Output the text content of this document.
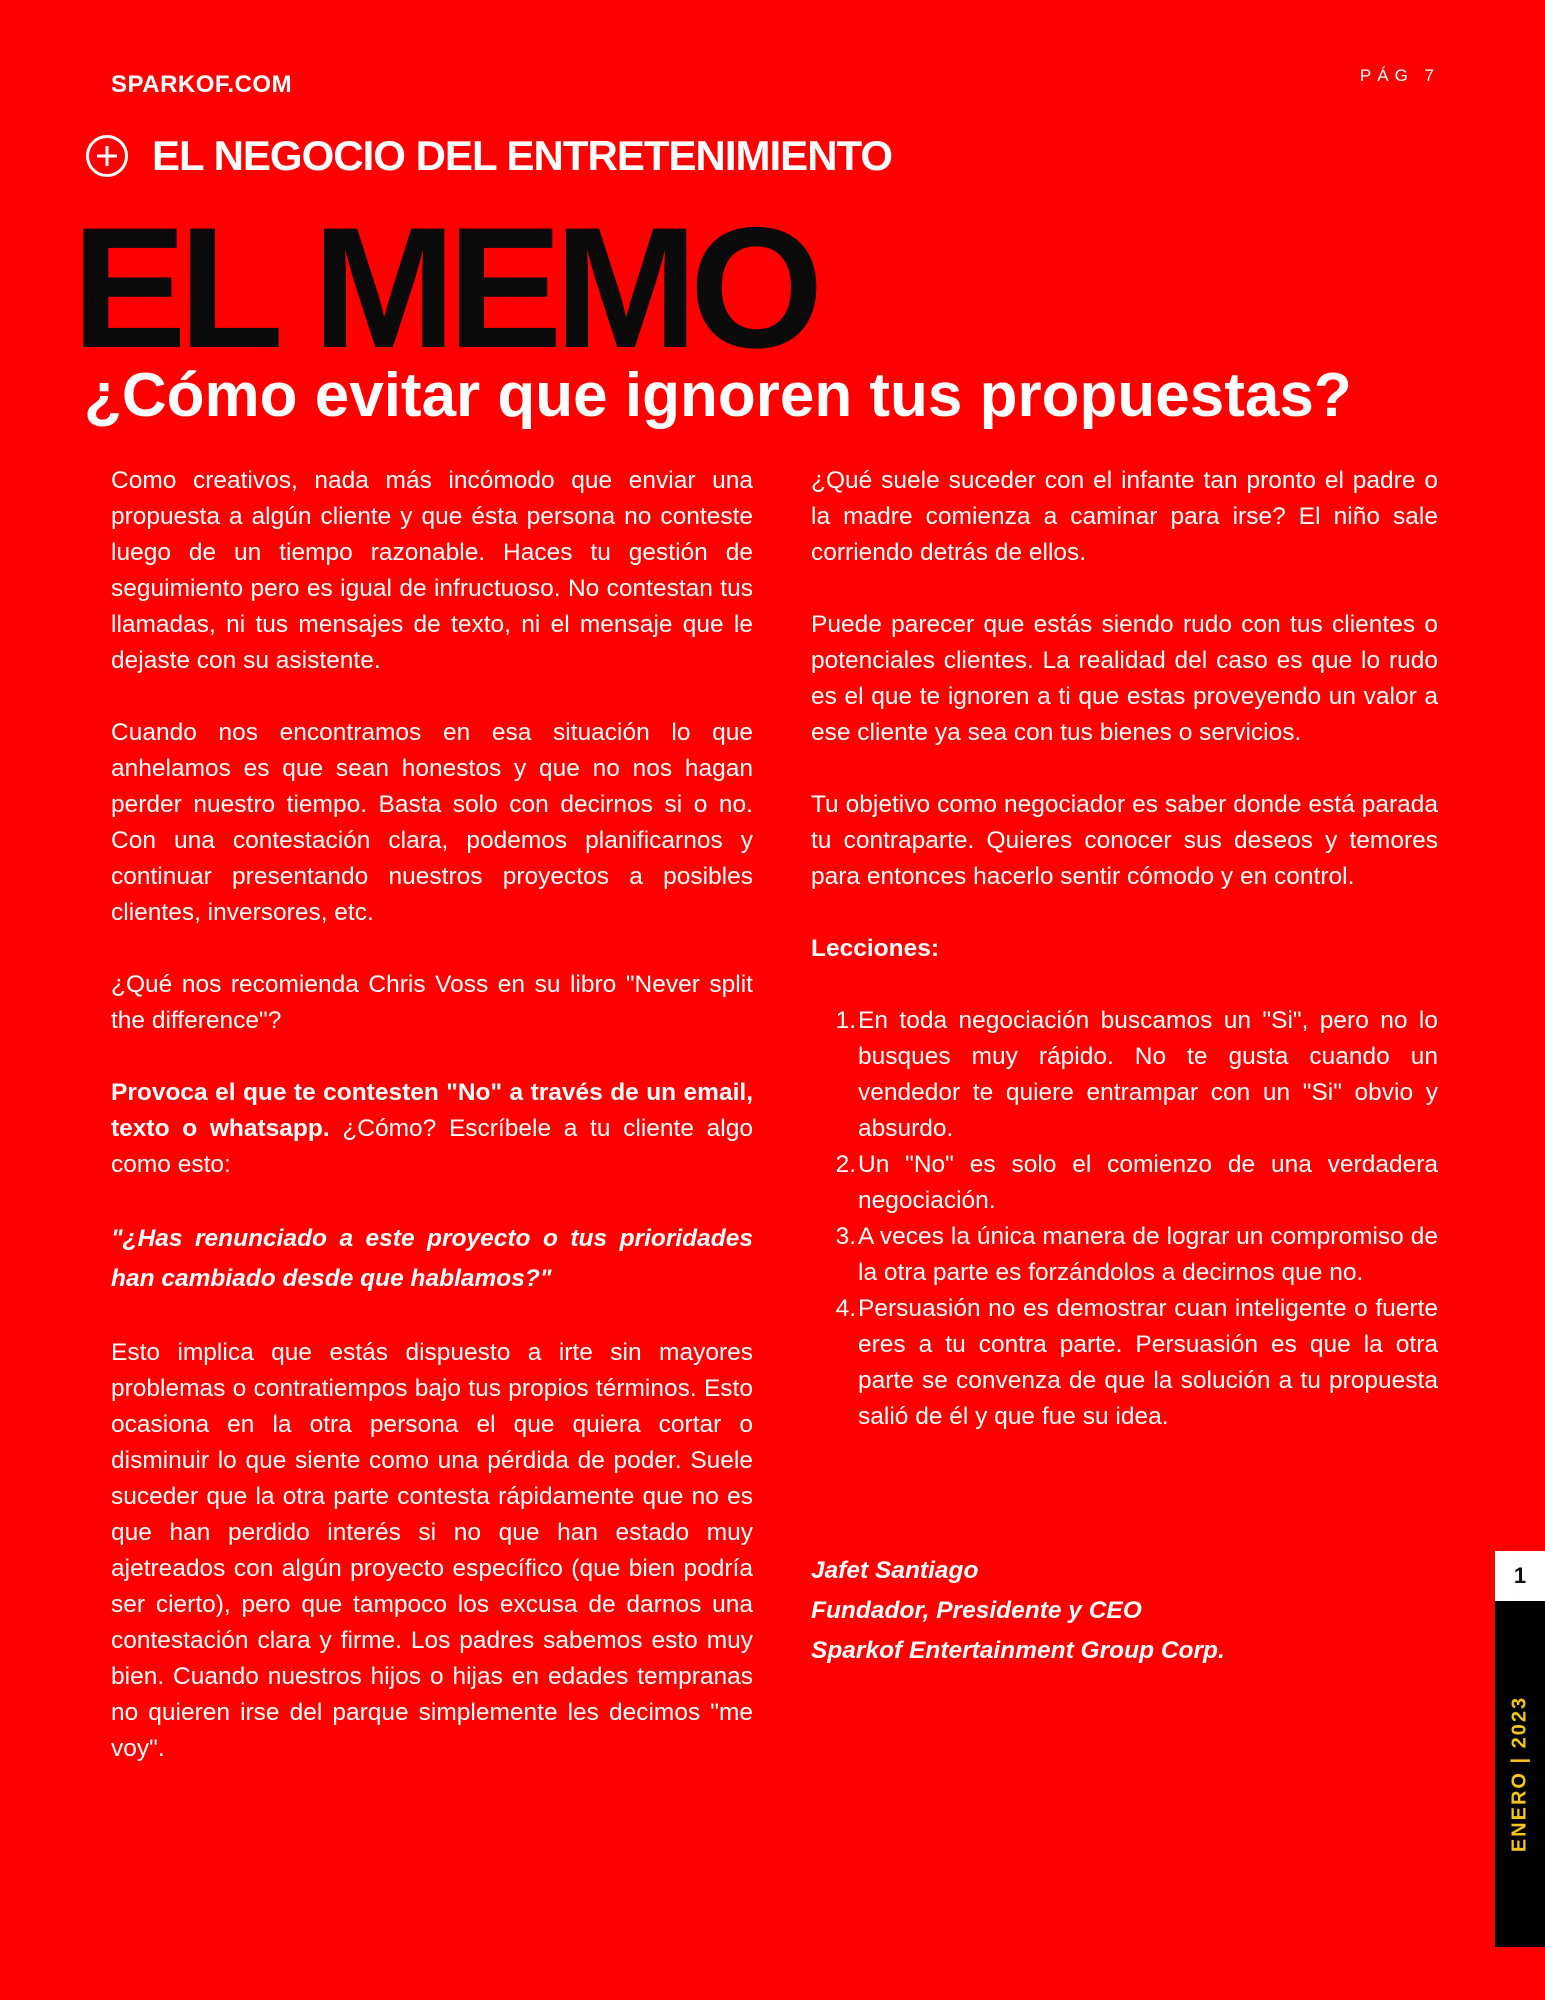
SPARKOF.COM	PÁG 7
EL NEGOCIO DEL ENTRETENIMIENTO
EL MEMO
¿Cómo evitar que ignoren tus propuestas?

Como creativos, nada más incómodo que enviar una propuesta a algún cliente y que ésta persona no conteste luego de un tiempo razonable. Haces tu gestión de seguimiento pero es igual de infructuoso. No contestan tus llamadas, ni tus mensajes de texto, ni el mensaje que le dejaste con su asistente.

Cuando nos encontramos en esa situación lo que anhelamos es que sean honestos y que no nos hagan perder nuestro tiempo. Basta solo con decirnos si o no. Con una contestación clara, podemos planificarnos y continuar presentando nuestros proyectos a posibles clientes, inversores, etc.

¿Qué nos recomienda Chris Voss en su libro "Never split the difference"?

Provoca el que te contesten "No" a través de un email, texto o whatsapp. ¿Cómo? Escríbele a tu cliente algo como esto:

"¿Has renunciado a este proyecto o tus prioridades han cambiado desde que hablamos?"

Esto implica que estás dispuesto a irte sin mayores problemas o contratiempos bajo tus propios términos. Esto ocasiona en la otra persona el que quiera cortar o disminuir lo que siente como una pérdida de poder. Suele suceder que la otra parte contesta rápidamente que no es que han perdido interés si no que han estado muy ajetreados con algún proyecto específico (que bien podría ser cierto), pero que tampoco los excusa de darnos una contestación clara y firme. Los padres sabemos esto muy bien. Cuando nuestros hijos o hijas en edades tempranas no quieren irse del parque simplemente les decimos "me voy".

¿Qué suele suceder con el infante tan pronto el padre o la madre comienza a caminar para irse? El niño sale corriendo detrás de ellos.

Puede parecer que estás siendo rudo con tus clientes o potenciales clientes. La realidad del caso es que lo rudo es el que te ignoren a ti que estas proveyendo un valor a ese cliente ya sea con tus bienes o servicios.

Tu objetivo como negociador es saber donde está parada tu contraparte. Quieres conocer sus deseos y temores para entonces hacerlo sentir cómodo y en control.

Lecciones:

1. En toda negociación buscamos un "Si", pero no lo busques muy rápido. No te gusta cuando un vendedor te quiere entrampar con un "Si" obvio y absurdo.
2. Un "No" es solo el comienzo de una verdadera negociación.
3. A veces la única manera de lograr un compromiso de la otra parte es forzándolos a decirnos que no.
4. Persuasión no es demostrar cuan inteligente o fuerte eres a tu contra parte. Persuasión es que la otra parte se convenza de que la solución a tu propuesta salió de él y que fue su idea.
Jafet Santiago
Fundador, Presidente y CEO
Sparkof Entertainment Group Corp.
1
ENERO | 2023
